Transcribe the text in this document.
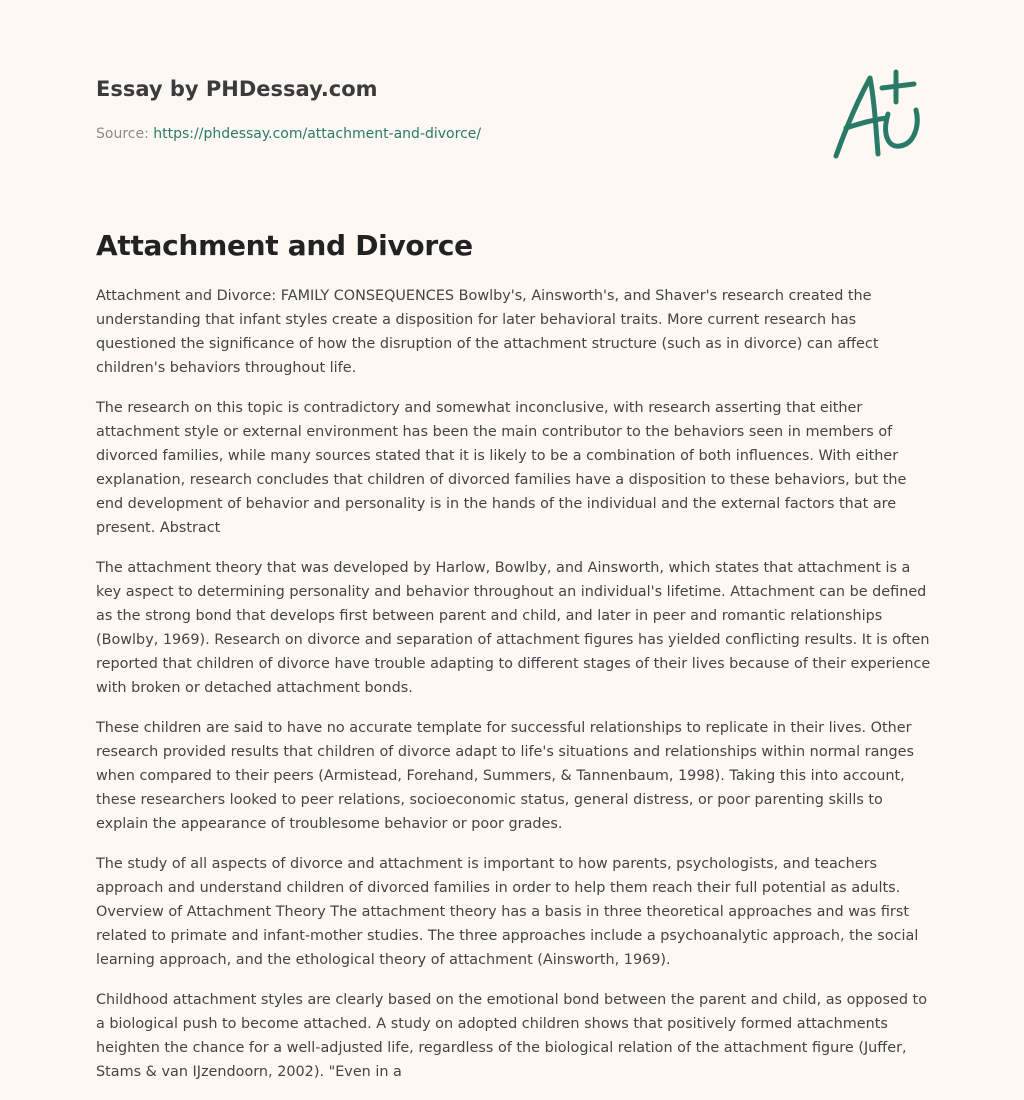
Essay by PHDessay.com
Source: https://phdessay.com/attachment-and-divorce/
Attachment and Divorce

Attachment and Divorce: FAMILY CONSEQUENCES Bowlby's, Ainsworth's, and Shaver's research created the understanding that infant styles create a disposition for later behavioral traits. More current research has questioned the significance of how the disruption of the attachment structure (such as in divorce) can affect children's behaviors throughout life.

The research on this topic is contradictory and somewhat inconclusive, with research asserting that either attachment style or external environment has been the main contributor to the behaviors seen in members of divorced families, while many sources stated that it is likely to be a combination of both influences. With either explanation, research concludes that children of divorced families have a disposition to these behaviors, but the end development of behavior and personality is in the hands of the individual and the external factors that are present. Abstract

The attachment theory that was developed by Harlow, Bowlby, and Ainsworth, which states that attachment is a key aspect to determining personality and behavior throughout an individual's lifetime. Attachment can be defined as the strong bond that develops first between parent and child, and later in peer and romantic relationships (Bowlby, 1969). Research on divorce and separation of attachment figures has yielded conflicting results. It is often reported that children of divorce have trouble adapting to different stages of their lives because of their experience with broken or detached attachment bonds.

These children are said to have no accurate template for successful relationships to replicate in their lives. Other research provided results that children of divorce adapt to life's situations and relationships within normal ranges when compared to their peers (Armistead, Forehand, Summers, & Tannenbaum, 1998). Taking this into account, these researchers looked to peer relations, socioeconomic status, general distress, or poor parenting skills to explain the appearance of troublesome behavior or poor grades.

The study of all aspects of divorce and attachment is important to how parents, psychologists, and teachers approach and understand children of divorced families in order to help them reach their full potential as adults. Overview of Attachment Theory The attachment theory has a basis in three theoretical approaches and was first related to primate and infant-mother studies. The three approaches include a psychoanalytic approach, the social learning approach, and the ethological theory of attachment (Ainsworth, 1969).

Childhood attachment styles are clearly based on the emotional bond between the parent and child, as opposed to a biological push to become attached. A study on adopted children shows that positively formed attachments heighten the chance for a well-adjusted life, regardless of the biological relation of the attachment figure (Juffer, Stams & van IJzendoorn, 2002). "Even in a
